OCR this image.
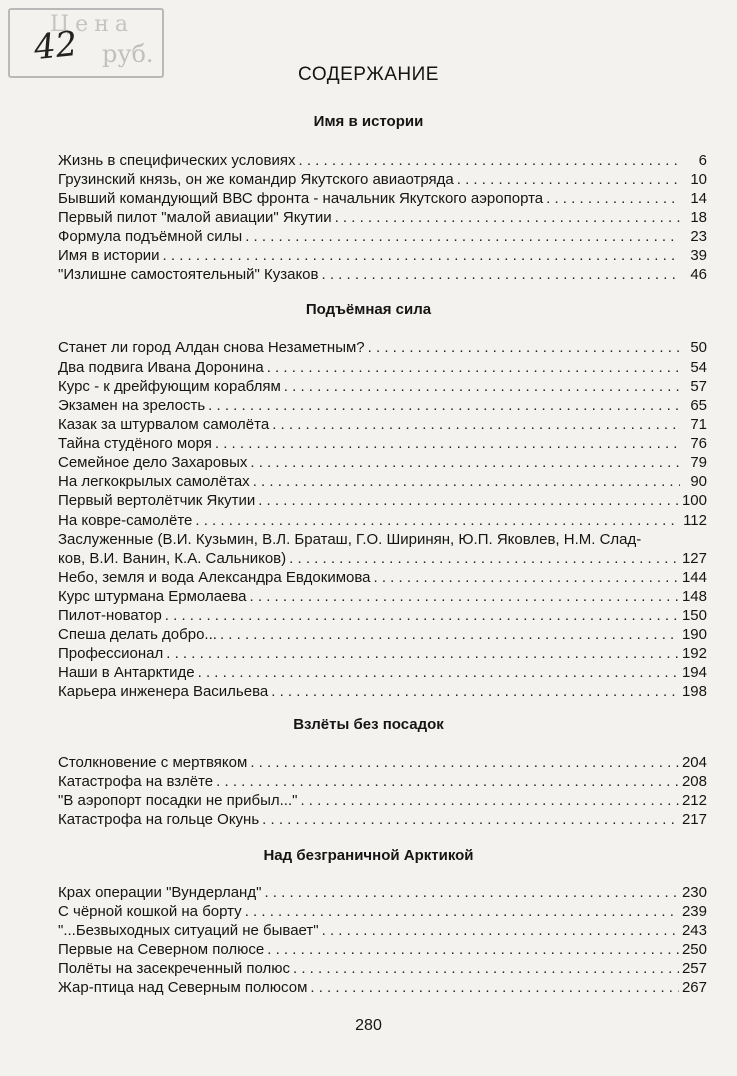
Цена
руб.
42
СОДЕРЖАНИЕ
Имя в истории
Жизнь в специфических условиях . . .	6
Грузинский князь, он же командир Якутского авиаотряда . . .	10
Бывший командующий ВВС фронта - начальник Якутского аэропорта . . .	14
Первый пилот "малой авиации" Якутии . . .	18
Формула подъёмной силы . . .	23
Имя в истории . . .	39
"Излишне самостоятельный" Кузаков . . .	46
Подъёмная сила
Станет ли город Алдан снова Незаметным? . . .	50
Два подвига Ивана Доронина . . .	54
Курс - к дрейфующим кораблям . . .	57
Экзамен на зрелость . . .	65
Казак за штурвалом самолёта . . .	71
Тайна студёного моря . . .	76
Семейное дело Захаровых . . .	79
На легкокрылых самолётах . . .	90
Первый вертолётчик Якутии . . .	100
На ковре-самолёте . . .	112
Заслуженные (В.И. Кузьмин, В.Л. Браташ, Г.О. Ширинян, Ю.П. Яковлев, Н.М. Слад-
ков, В.И. Ванин, К.А. Сальников) . . .	127
Небо, земля и вода Александра Евдокимова . . .	144
Курс штурмана Ермолаева . . .	148
Пилот-новатор . . .	150
Спеша делать добро... . . .	190
Профессионал . . .	192
Наши в Антарктиде . . .	194
Карьера инженера Васильева . . .	198
Взлёты без посадок
Столкновение с мертвяком . . .	204
Катастрофа на взлёте . . .	208
"В аэропорт посадки не прибыл..." . . .	212
Катастрофа на гольце Окунь . . .	217
Над безграничной Арктикой
Крах операции "Вундерланд" . . .	230
С чёрной кошкой на борту . . .	239
"...Безвыходных ситуаций не бывает" . . .	243
Первые на Северном полюсе . . .	250
Полёты на засекреченный полюс . . .	257
Жар-птица над Северным полюсом . . .	267
280
